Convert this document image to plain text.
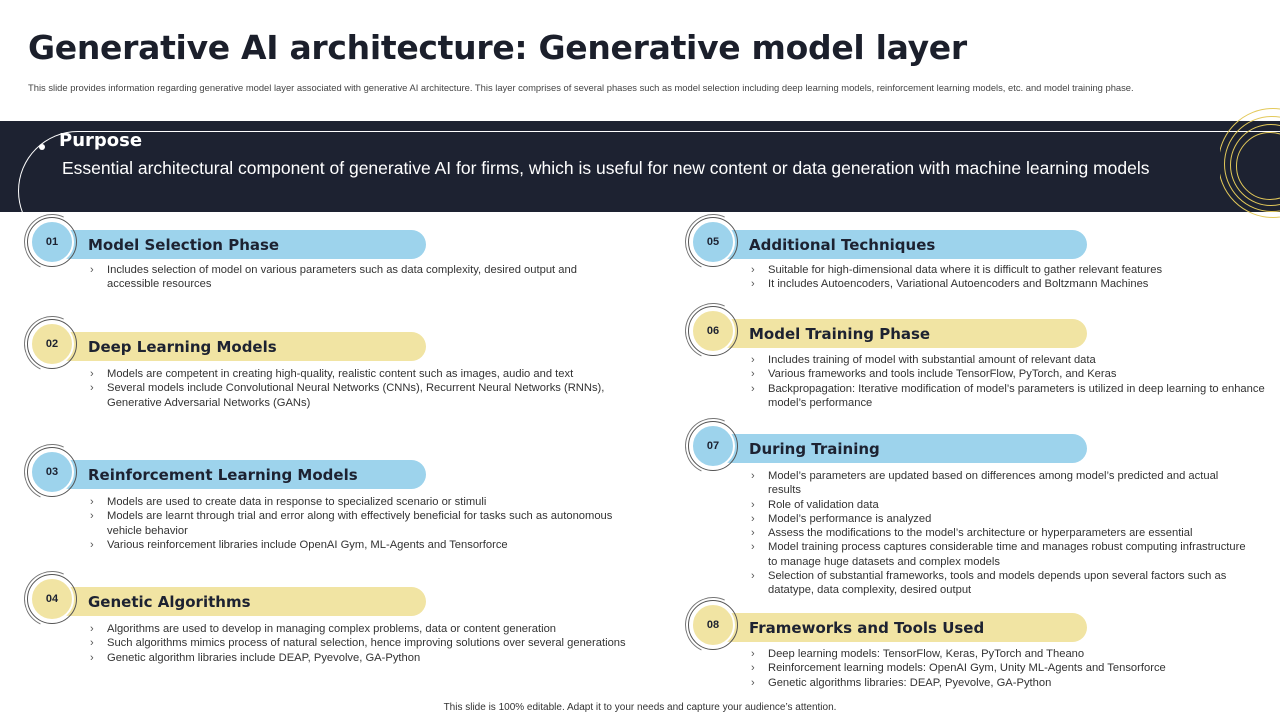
Generative AI architecture: Generative model layer
This slide provides information regarding generative model layer associated with generative AI architecture. This layer comprises of several phases such as model selection including deep learning models, reinforcement learning models, etc. and model training phase.
Purpose
Essential architectural component of generative AI for firms, which is useful for new content or data generation with machine learning models
01	Model Selection Phase
› Includes selection of model on various parameters such as data complexity, desired output and accessible resources
02	Deep Learning Models
› Models are competent in creating high-quality, realistic content such as images, audio and text
› Several models include Convolutional Neural Networks (CNNs), Recurrent Neural Networks (RNNs), Generative Adversarial Networks (GANs)
03	Reinforcement Learning Models
› Models are used to create data in response to specialized scenario or stimuli
› Models are learnt through trial and error along with effectively beneficial for tasks such as autonomous vehicle behavior
› Various reinforcement libraries include OpenAI Gym, ML-Agents and Tensorforce
04	Genetic Algorithms
› Algorithms are used to develop in managing complex problems, data or content generation
› Such algorithms mimics process of natural selection, hence improving solutions over several generations
› Genetic algorithm libraries include DEAP, Pyevolve, GA-Python
05	Additional Techniques
› Suitable for high-dimensional data where it is difficult to gather relevant features
› It includes Autoencoders, Variational Autoencoders and Boltzmann Machines
06	Model Training Phase
› Includes training of model with substantial amount of relevant data
› Various frameworks and tools include TensorFlow, PyTorch, and Keras
› Backpropagation: Iterative modification of model’s parameters is utilized in deep learning to enhance model’s performance
07	During Training
› Model’s parameters are updated based on differences among model’s predicted and actual results
› Role of validation data
› Model’s performance is analyzed
› Assess the modifications to the model’s architecture or hyperparameters are essential
› Model training process captures considerable time and manages robust computing infrastructure to manage huge datasets and complex models
› Selection of substantial frameworks, tools and models depends upon several factors such as datatype, data complexity, desired output
08	Frameworks and Tools Used
› Deep learning models: TensorFlow, Keras, PyTorch and Theano
› Reinforcement learning models: OpenAI Gym, Unity ML-Agents and Tensorforce
› Genetic algorithms libraries: DEAP, Pyevolve, GA-Python
This slide is 100% editable. Adapt it to your needs and capture your audience’s attention.
